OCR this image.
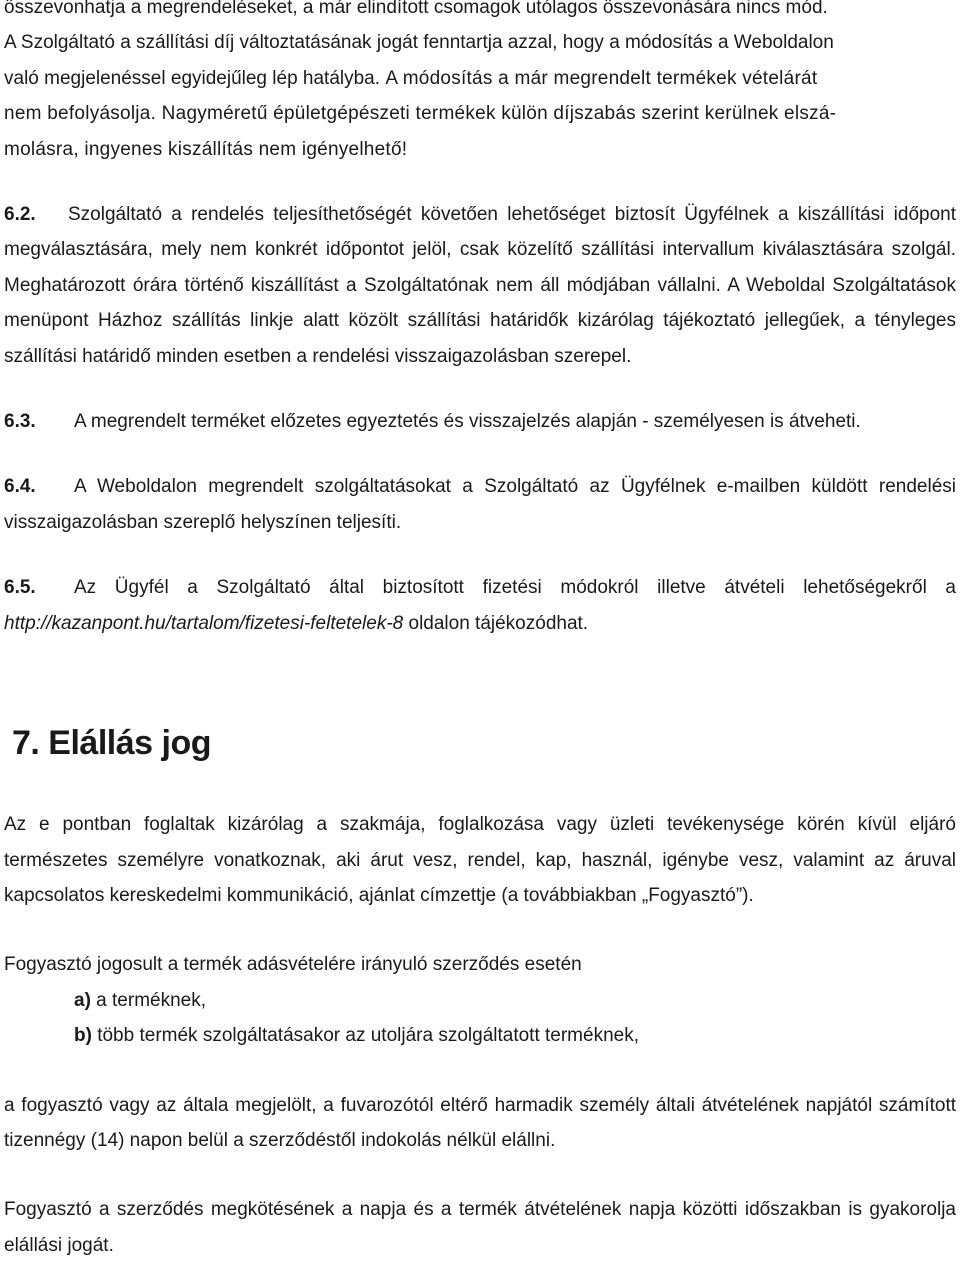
összevonhatja a megrendeléseket, a már elindított csomagok utólagos összevonására nincs mód.

A Szolgáltató a szállítási díj változtatásának jogát fenntartja azzal, hogy a módosítás a Weboldalon

való megjelenéssel egyidejűleg lép hatályba. A módosítás a már megrendelt termékek vételárát

nem befolyásolja. Nagyméretű épületgépészeti termékek külön díjszabás szerint kerülnek elszá-

molásra, ingyenes kiszállítás nem igényelhető!

6.2. Szolgáltató a rendelés teljesíthetőségét követően lehetőséget biztosít Ügyfélnek a kiszállítási időpont megválasztására, mely nem konkrét időpontot jelöl, csak közelítő szállítási intervallum kiválasztására szolgál. Meghatározott órára történő kiszállítást a Szolgáltatónak nem áll módjában vállalni. A Weboldal Szolgáltatások menüpont Házhoz szállítás linkje alatt közölt szállítási határidők kizárólag tájékoztató jellegűek, a tényleges szállítási határidő minden esetben a rendelési visszaigazolásban szerepel.

6.3. A megrendelt terméket előzetes egyeztetés és visszajelzés alapján - személyesen is átveheti.

6.4. A Weboldalon megrendelt szolgáltatásokat a Szolgáltató az Ügyfélnek e-mailben küldött rendelési visszaigazolásban szereplő helyszínen teljesíti.

6.5. Az Ügyfél a Szolgáltató által biztosított fizetési módokról illetve átvételi lehetőségekről a http://kazanpont.hu/tartalom/fizetesi-feltetelek-8 oldalon tájékozódhat.

7. Elállás jog

Az e pontban foglaltak kizárólag a szakmája, foglalkozása vagy üzleti tevékenysége körén kívül eljáró természetes személyre vonatkoznak, aki árut vesz, rendel, kap, használ, igénybe vesz, valamint az áruval kapcsolatos kereskedelmi kommunikáció, ajánlat címzettje (a továbbiakban „Fogyasztó”).

Fogyasztó jogosult a termék adásvételére irányuló szerződés esetén

a) a terméknek,

b) több termék szolgáltatásakor az utoljára szolgáltatott terméknek,

a fogyasztó vagy az általa megjelölt, a fuvarozótól eltérő harmadik személy általi átvételének napjától számított tizennégy (14) napon belül a szerződéstől indokolás nélkül elállni.

Fogyasztó a szerződés megkötésének a napja és a termék átvételének napja közötti időszakban is gyakorolja elállási jogát.
